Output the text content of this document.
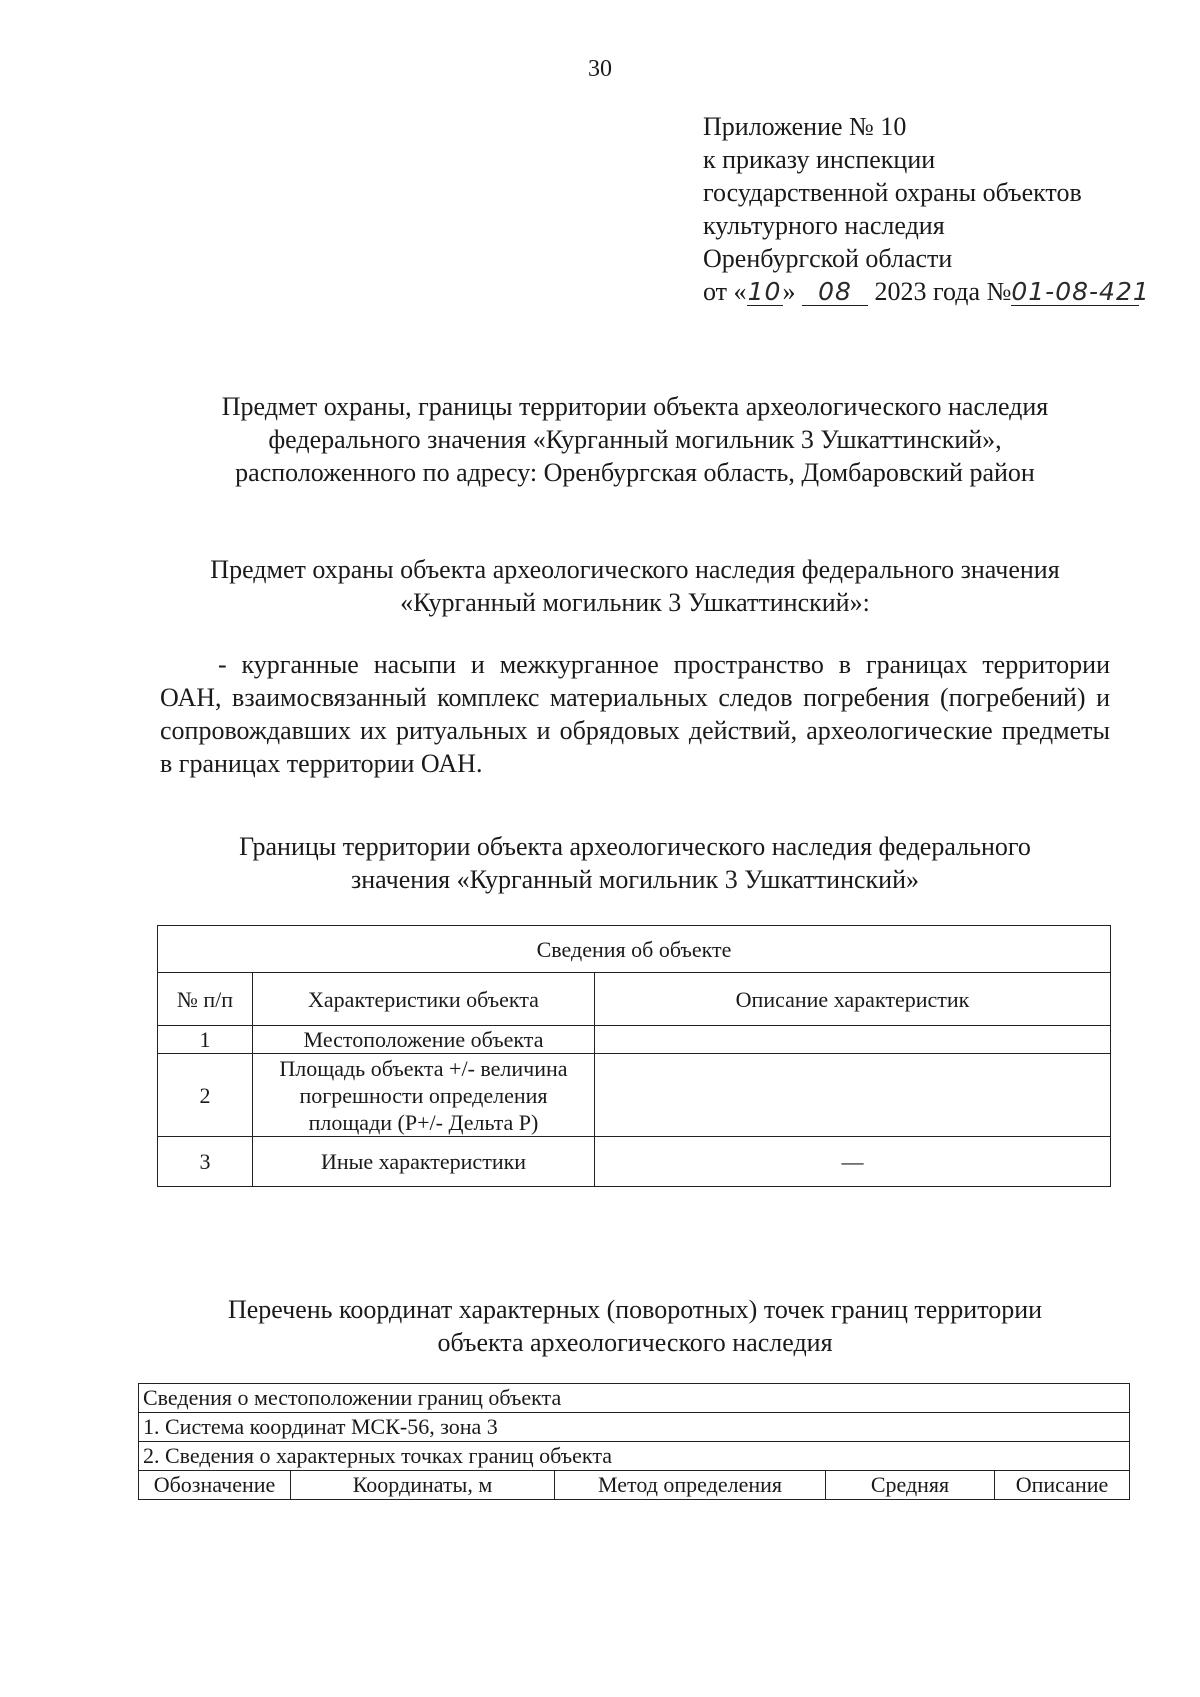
30
Приложение № 10
к приказу инспекции
государственной охраны объектов
культурного наследия
Оренбургской области
от «10» 08 2023 года №01-08-421
Предмет охраны, границы территории объекта археологического наследия
федерального значения «Курганный могильник 3 Ушкаттинский»,
расположенного по адресу: Оренбургская область, Домбаровский район
Предмет охраны объекта археологического наследия федерального значения
«Курганный могильник 3 Ушкаттинский»:
- курганные насыпи и межкурганное пространство в границах территории ОАН, взаимосвязанный комплекс материальных следов погребения (погребений) и сопровождавших их ритуальных и обрядовых действий, археологические предметы в границах территории ОАН.
Границы территории объекта археологического наследия федерального
значения «Курганный могильник 3 Ушкаттинский»
Сведения об объекте		
№ п/п	Характеристики объекта	Описание характеристик
1	Местоположение объекта	
2	Площадь объекта +/- величина погрешности определения площади (Р+/- Дельта Р)	
3	Иные характеристики	—
Перечень координат характерных (поворотных) точек границ территории
объекта археологического наследия
Сведения о местоположении границ объекта
1. Система координат МСК-56, зона 3
2. Сведения о характерных точках границ объекта
Обозначение	Координаты, м	Метод определения	Средняя	Описание
